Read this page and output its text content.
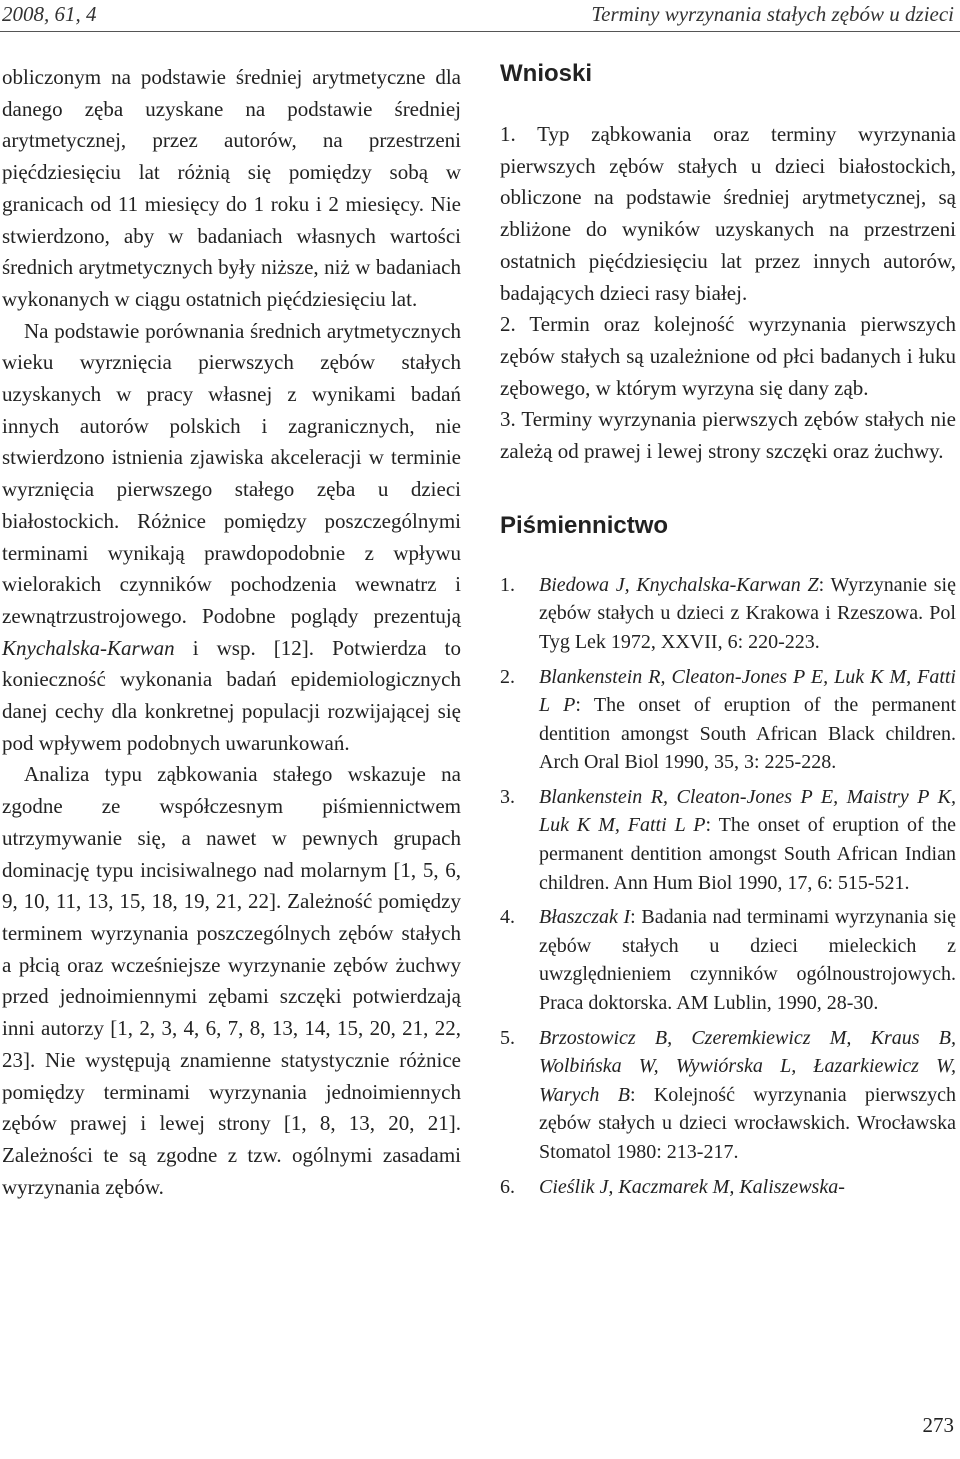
2008, 61, 4	Terminy wyrzynania stałych zębów u dzieci

obliczonym na podstawie średniej arytmetyczne dla danego zęba uzyskane na podstawie średniej arytmetycznej, przez autorów, na przestrzeni pięćdziesięciu lat różnią się pomiędzy sobą w granicach od 11 miesięcy do 1 roku i 2 miesięcy. Nie stwierdzono, aby w badaniach własnych wartości średnich arytmetycznych były niższe, niż w badaniach wykonanych w ciągu ostatnich pięćdziesięciu lat.

Na podstawie porównania średnich arytmetycznych wieku wyrznięcia pierwszych zębów stałych uzyskanych w pracy własnej z wynikami badań innych autorów polskich i zagranicznych, nie stwierdzono istnienia zjawiska akceleracji w terminie wyrznięcia pierwszego stałego zęba u dzieci białostockich. Różnice pomiędzy poszczególnymi terminami wynikają prawdopodobnie z wpływu wielorakich czynników pochodzenia wewnatrz i zewnątrzustrojowego. Podobne poglądy prezentują Knychalska-Karwan i wsp. [12]. Potwierdza to konieczność wykonania badań epidemiologicznych danej cechy dla konkretnej populacji rozwijającej się pod wpływem podobnych uwarunkowań.

Analiza typu ząbkowania stałego wskazuje na zgodne ze współczesnym piśmiennictwem utrzymywanie się, a nawet w pewnych grupach dominację typu incisiwalnego nad molarnym [1, 5, 6, 9, 10, 11, 13, 15, 18, 19, 21, 22]. Zależność pomiędzy terminem wyrzynania poszczególnych zębów stałych a płcią oraz wcześniejsze wyrzynanie zębów żuchwy przed jednoimiennymi zębami szczęki potwierdzają inni autorzy [1, 2, 3, 4, 6, 7, 8, 13, 14, 15, 20, 21, 22, 23]. Nie występują znamienne statystycznie różnice pomiędzy terminami wyrzynania jednoimiennych zębów prawej i lewej strony [1, 8, 13, 20, 21]. Zależności te są zgodne z tzw. ogólnymi zasadami wyrzynania zębów.

Wnioski

1. Typ ząbkowania oraz terminy wyrzynania pierwszych zębów stałych u dzieci białostockich, obliczone na podstawie średniej arytmetycznej, są zbliżone do wyników uzyskanych na przestrzeni ostatnich pięćdziesięciu lat przez innych autorów, badających dzieci rasy białej.

2. Termin oraz kolejność wyrzynania pierwszych zębów stałych są uzależnione od płci badanych i łuku zębowego, w którym wyrzyna się dany ząb.

3. Terminy wyrzynania pierwszych zębów stałych nie zależą od prawej i lewej strony szczęki oraz żuchwy.

Piśmiennictwo
1.	Biedowa J, Knychalska-Karwan Z: Wyrzynanie się zębów stałych u dzieci z Krakowa i Rzeszowa. Pol Tyg Lek 1972, XXVII, 6: 220-223.
2.	Blankenstein R, Cleaton-Jones P E, Luk K M, Fatti L P: The onset of eruption of the permanent dentition amongst South African Black children. Arch Oral Biol 1990, 35, 3: 225-228.
3.	Blankenstein R, Cleaton-Jones P E, Maistry P K, Luk K M, Fatti L P: The onset of eruption of the permanent dentition amongst South African Indian children. Ann Hum Biol 1990, 17, 6: 515-521.
4.	Błaszczak I: Badania nad terminami wyrzynania się zębów stałych u dzieci mieleckich z uwzględnieniem czynników ogólnoustrojowych. Praca doktorska. AM Lublin, 1990, 28-30.
5.	Brzostowicz B, Czeremkiewicz M, Kraus B, Wolbińska W, Wywiórska L, Łazarkiewicz W, Warych B: Kolejność wyrzynania pierwszych zębów stałych u dzieci wrocławskich. Wrocławska Stomatol 1980: 213-217.
6.	Cieślik J, Kaczmarek M, Kaliszewska-
273
